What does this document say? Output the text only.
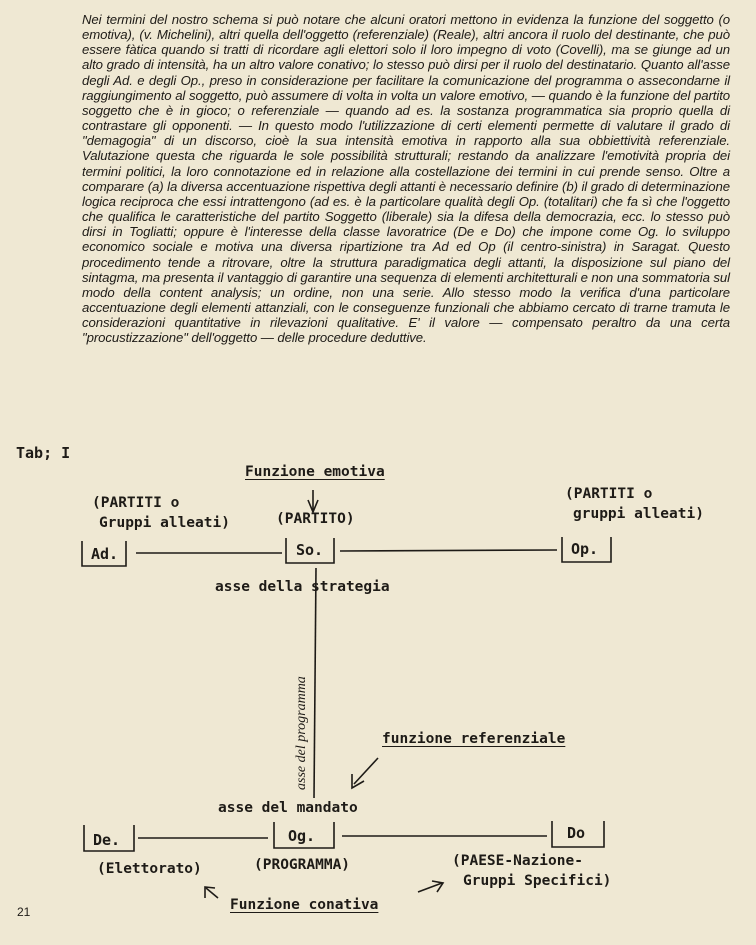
Nei termini del nostro schema si può notare che alcuni oratori mettono in evidenza la funzione del soggetto (o emotiva), (v. Michelini), altri quella dell'oggetto (referenziale) (Reale), altri ancora il ruolo del destinante, che può essere fàtica quando si tratti di ricordare agli elettori solo il loro impegno di voto (Covelli), ma se giunge ad un alto grado di intensità, ha un altro valore conativo; lo stesso può dirsi per il ruolo del destinatario. Quanto all'asse degli Ad. e degli Op., preso in considerazione per facilitare la comunicazione del programma o assecondarne il raggiungimento al soggetto, può assumere di volta in volta un valore emotivo, — quando è la funzione del partito soggetto che è in gioco; o referenziale — quando ad es. la sostanza programmatica sia proprio quella di contrastare gli opponenti. — In questo modo l'utilizzazione di certi elementi permette di valutare il grado di "demagogia" di un discorso, cioè la sua intensità emotiva in rapporto alla sua obbiettività referenziale. Valutazione questa che riguarda le sole possibilità strutturali; restando da analizzare l'emotività propria dei termini politici, la loro connotazione ed in relazione alla costellazione dei termini in cui prende senso. Oltre a comparare (a) la diversa accentuazione rispettiva degli attanti è necessario definire (b) il grado di determinazione logica reciproca che essi intrattengono (ad es. è la particolare qualità degli Op. (totalitari) che fa sì che l'oggetto che qualifica le caratteristiche del partito Soggetto (liberale) sia la difesa della democrazia, ecc. lo stesso può dirsi in Togliatti; oppure è l'interesse della classe lavoratrice (De e Do) che impone come Og. lo sviluppo economico sociale e motiva una diversa ripartizione tra Ad ed Op (il centro-sinistra) in Saragat. Questo procedimento tende a ritrovare, oltre la struttura paradigmatica degli attanti, la disposizione sul piano del sintagma, ma presenta il vantaggio di garantire una sequenza di elementi architetturali e non una sommatoria sul modo della content analysis; un ordine, non una serie. Allo stesso modo la verifica d'una particolare accentuazione degli elementi attanziali, con le conseguenze funzionali che abbiamo cercato di trarne tramuta le considerazioni quantitative in rilevazioni qualitative. E' il valore — compensato peraltro da una certa "procustizzazione" dell'oggetto — delle procedure deduttive.

Tab; I
Funzione emotiva
(PARTITI o
Gruppi alleati)	(PARTITO)
(PARTITI o
gruppi alleati)
Ad.	So.	Op.
asse della strategia
asse del programma	funzione referenziale
asse del mandato
De.	Og.	Do
(Elettorato)	(PROGRAMMA)	(PAESE-Nazione-
Gruppi Specifici)
Funzione conativa
21
